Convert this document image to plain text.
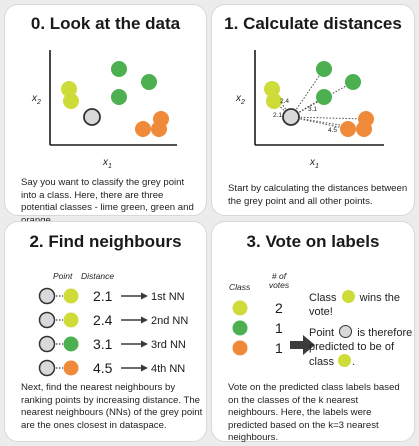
0. Look at the data
$x_2$
$x_1$
Say you want to classify the grey point into a class. Here, there are three potential classes - lime green, green and
1. Calculate distances
$x_2$
$x_1$
2.4
2.1
3.1
4.5
Start by calculating the distances between the grey point and all other points.
2. Find neighbours
Point Distance
2.1	1st NN
2.4	2nd NN
3.1	3rd NN
4.5	4th NN
Next, find the nearest neighbours by ranking points by increasing distance. The nearest neighbours (NNs) of the grey point are the ones closest in dataspace.
3. Vote on labels
Class
# of votes
2
1
1
Class wins the vote!
Point is therefore predicted to be of class .
Vote on the predicted class labels based on the classes of the k nearest neighbours. Here, the labels were predicted based on the k=3 nearest neighbours.
